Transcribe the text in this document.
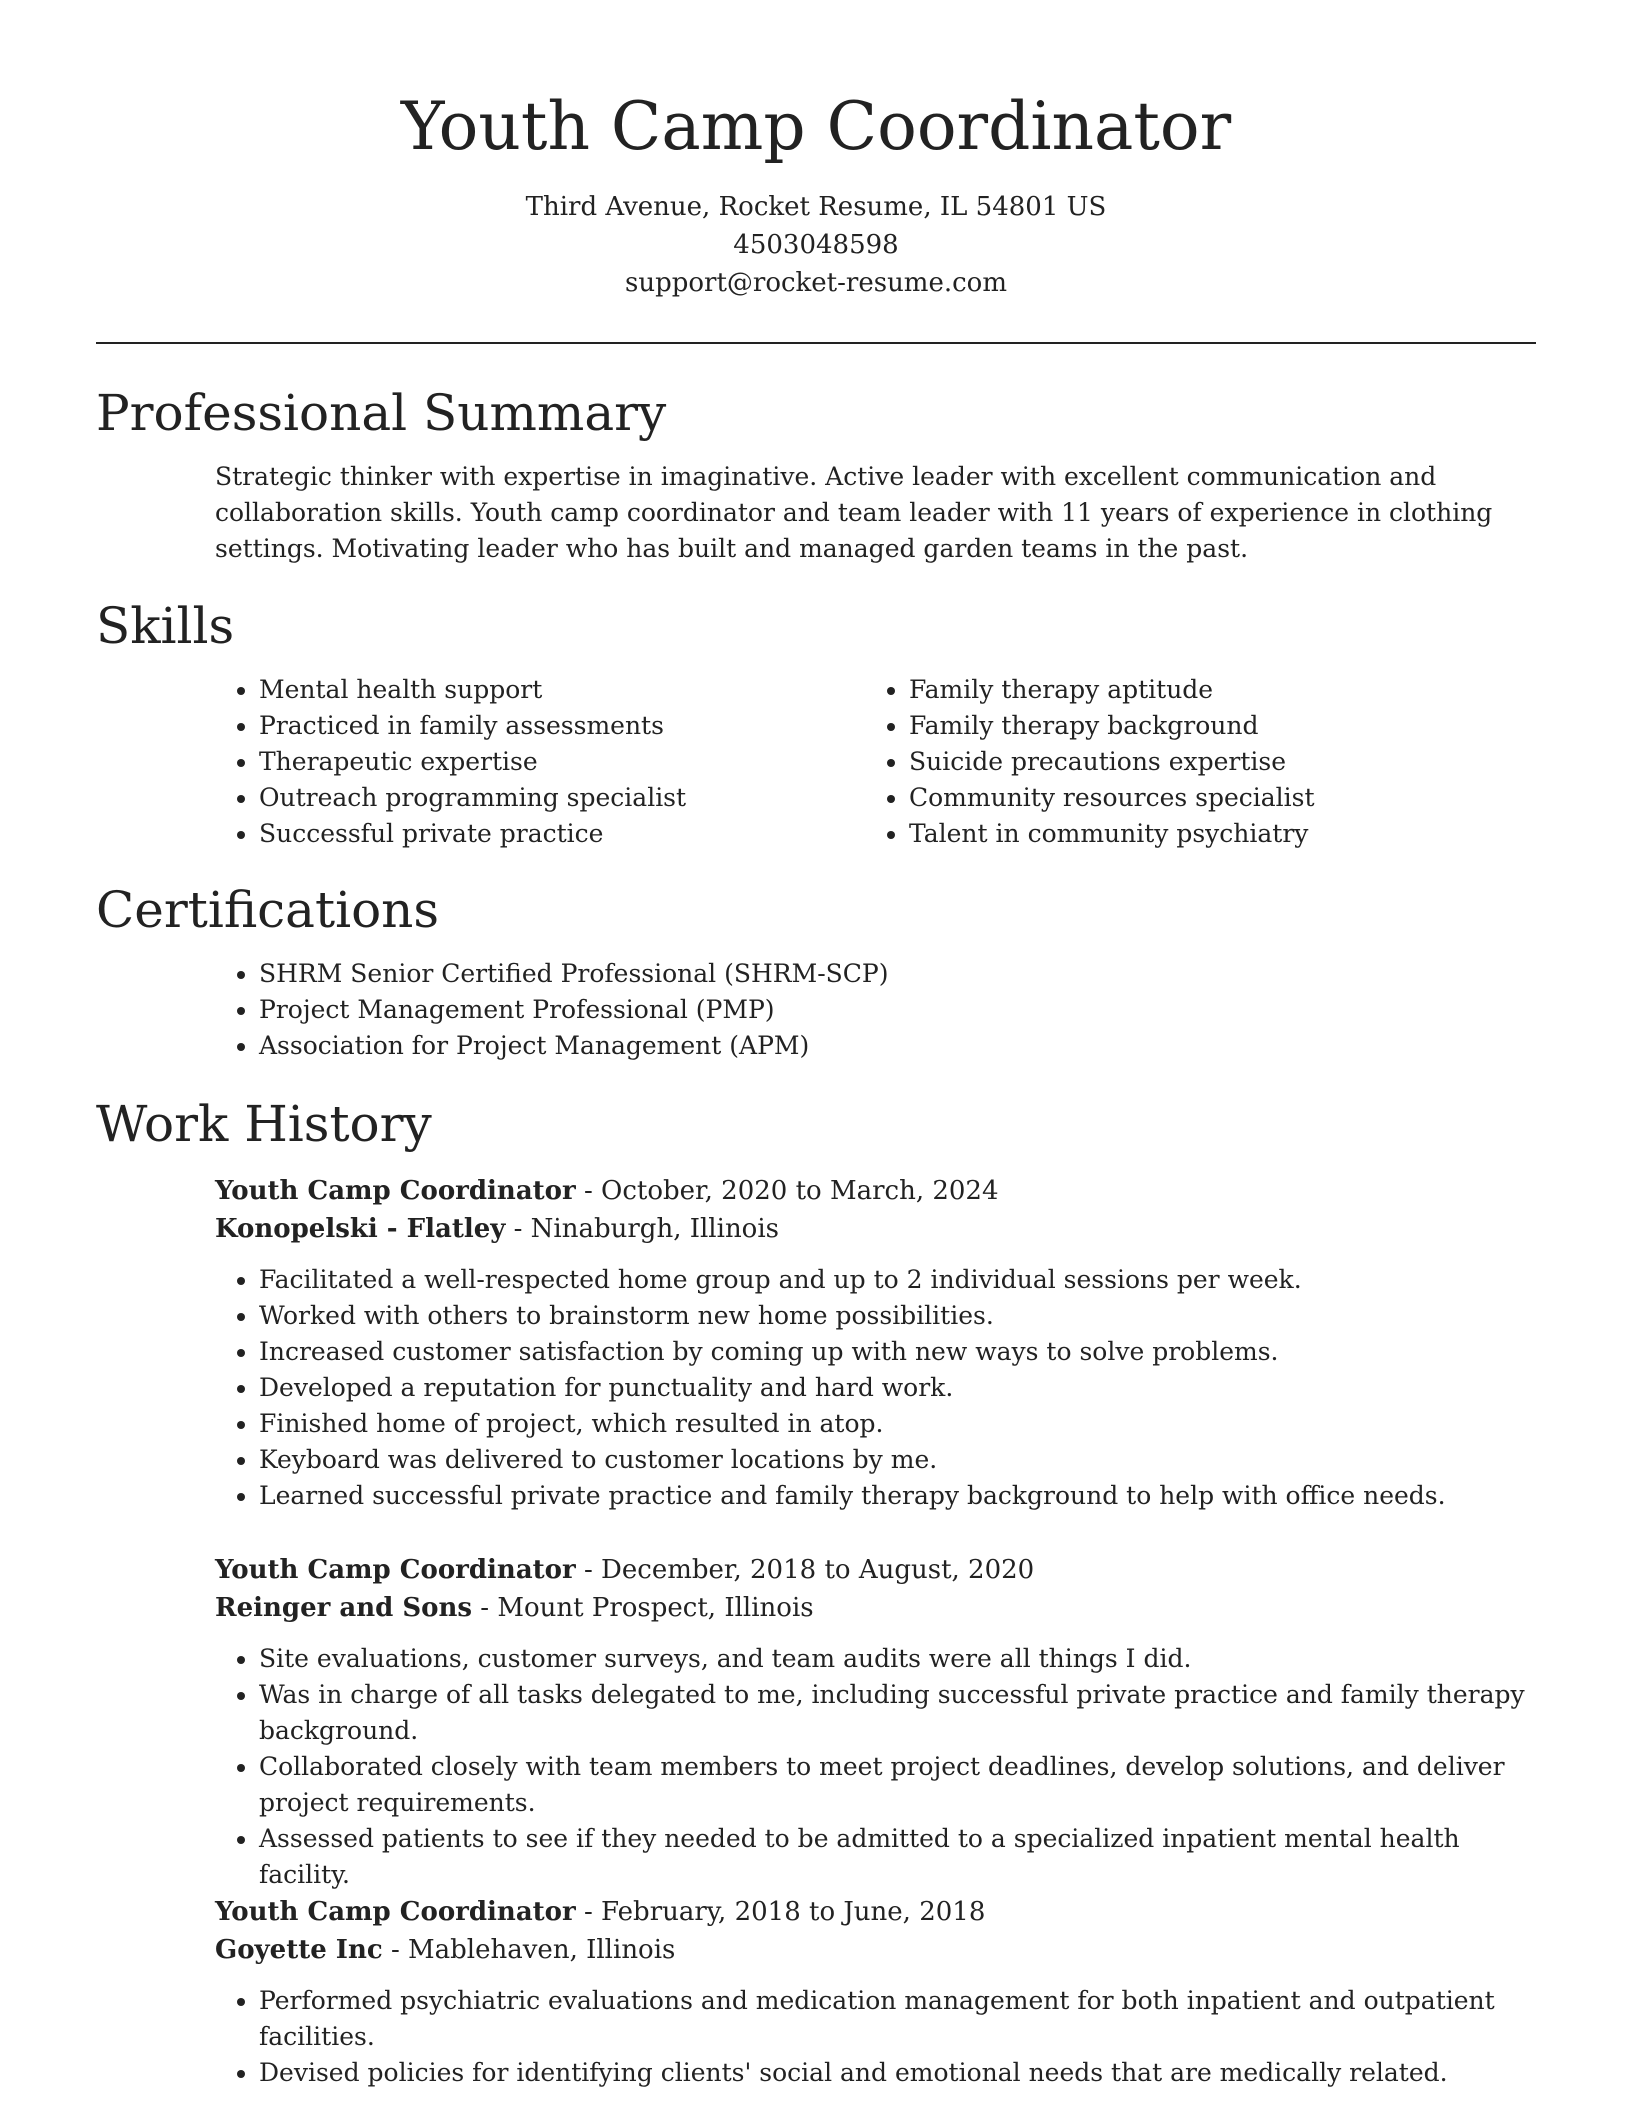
Youth Camp Coordinator
Third Avenue, Rocket Resume, IL 54801 US
4503048598
support@rocket-resume.com
Professional Summary

Strategic thinker with expertise in imaginative. Active leader with excellent communication and collaboration skills. Youth camp coordinator and team leader with 11 years of experience in clothing settings. Motivating leader who has built and managed garden teams in the past.

Skills
• Mental health support
• Practiced in family assessments
• Therapeutic expertise
• Outreach programming specialist
• Successful private practice
• Family therapy aptitude
• Family therapy background
• Suicide precautions expertise
• Community resources specialist
• Talent in community psychiatry
Certifications
• SHRM Senior Certified Professional (SHRM-SCP)
• Project Management Professional (PMP)
• Association for Project Management (APM)
Work History
Youth Camp Coordinator - October, 2020 to March, 2024
Konopelski - Flatley - Ninaburgh, Illinois
• Facilitated a well-respected home group and up to 2 individual sessions per week.
• Worked with others to brainstorm new home possibilities.
• Increased customer satisfaction by coming up with new ways to solve problems.
• Developed a reputation for punctuality and hard work.
• Finished home of project, which resulted in atop.
• Keyboard was delivered to customer locations by me.
• Learned successful private practice and family therapy background to help with office needs.
Youth Camp Coordinator - December, 2018 to August, 2020
Reinger and Sons - Mount Prospect, Illinois
• Site evaluations, customer surveys, and team audits were all things I did.
• Was in charge of all tasks delegated to me, including successful private practice and family therapy background.
• Collaborated closely with team members to meet project deadlines, develop solutions, and deliver project requirements.
• Assessed patients to see if they needed to be admitted to a specialized inpatient mental health facility.
Youth Camp Coordinator - February, 2018 to June, 2018
Goyette Inc - Mablehaven, Illinois
• Performed psychiatric evaluations and medication management for both inpatient and outpatient facilities.
• Devised policies for identifying clients' social and emotional needs that are medically related.
